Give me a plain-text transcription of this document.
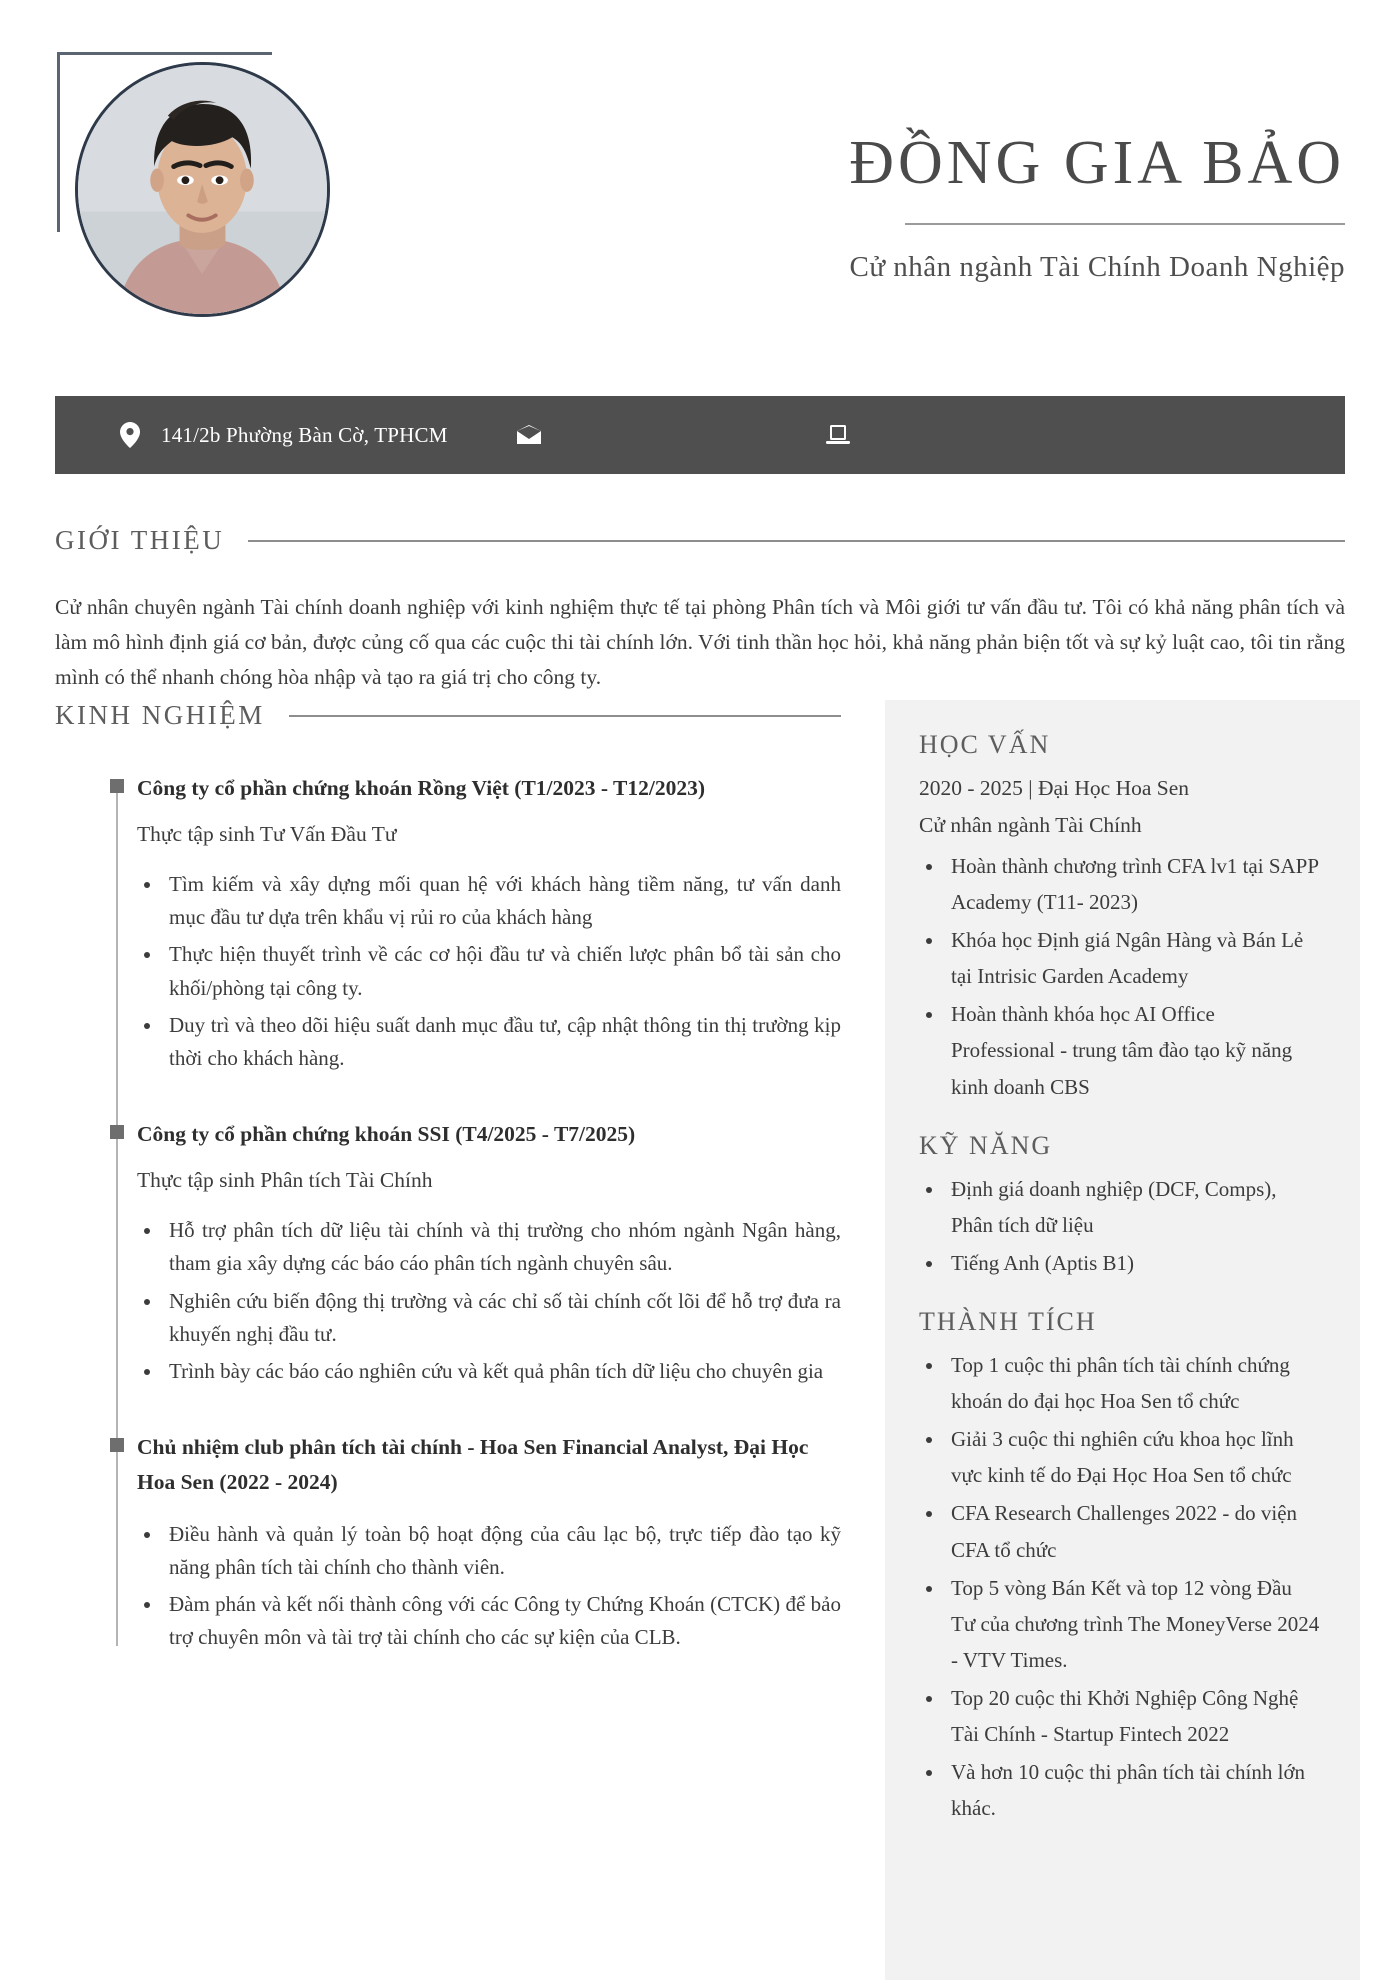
ĐỒNG GIA BẢO
Cử nhân ngành Tài Chính Doanh Nghiệp
141/2b Phường Bàn Cờ, TPHCM
GIỚI THIỆU
Cử nhân chuyên ngành Tài chính doanh nghiệp với kinh nghiệm thực tế tại phòng Phân tích và Môi giới tư vấn đầu tư. Tôi có khả năng phân tích và làm mô hình định giá cơ bản, được củng cố qua các cuộc thi tài chính lớn. Với tinh thần học hỏi, khả năng phản biện tốt và sự kỷ luật cao, tôi tin rằng mình có thể nhanh chóng hòa nhập và tạo ra giá trị cho công ty.
KINH NGHIỆM
Công ty cổ phần chứng khoán Rồng Việt (T1/2023 - T12/2023)
Thực tập sinh Tư Vấn Đầu Tư
• Tìm kiếm và xây dựng mối quan hệ với khách hàng tiềm năng, tư vấn danh mục đầu tư dựa trên khẩu vị rủi ro của khách hàng
• Thực hiện thuyết trình về các cơ hội đầu tư và chiến lược phân bổ tài sản cho khối/phòng tại công ty.
• Duy trì và theo dõi hiệu suất danh mục đầu tư, cập nhật thông tin thị trường kịp thời cho khách hàng.
Công ty cổ phần chứng khoán SSI (T4/2025 - T7/2025)
Thực tập sinh Phân tích Tài Chính
• Hỗ trợ phân tích dữ liệu tài chính và thị trường cho nhóm ngành Ngân hàng, tham gia xây dựng các báo cáo phân tích ngành chuyên sâu.
• Nghiên cứu biến động thị trường và các chỉ số tài chính cốt lõi để hỗ trợ đưa ra khuyến nghị đầu tư.
• Trình bày các báo cáo nghiên cứu và kết quả phân tích dữ liệu cho chuyên gia
Chủ nhiệm club phân tích tài chính - Hoa Sen Financial Analyst, Đại Học Hoa Sen (2022 - 2024)
• Điều hành và quản lý toàn bộ hoạt động của câu lạc bộ, trực tiếp đào tạo kỹ năng phân tích tài chính cho thành viên.
• Đàm phán và kết nối thành công với các Công ty Chứng Khoán (CTCK) để bảo trợ chuyên môn và tài trợ tài chính cho các sự kiện của CLB.
HỌC VẤN
2020 - 2025 | Đại Học Hoa Sen
Cử nhân ngành Tài Chính
• Hoàn thành chương trình CFA lv1 tại SAPP Academy (T11- 2023)
• Khóa học Định giá Ngân Hàng và Bán Lẻ tại Intrisic Garden Academy
• Hoàn thành khóa học AI Office Professional - trung tâm đào tạo kỹ năng kinh doanh CBS
KỸ NĂNG
• Định giá doanh nghiệp (DCF, Comps), Phân tích dữ liệu
• Tiếng Anh (Aptis B1)
THÀNH TÍCH
• Top 1 cuộc thi phân tích tài chính chứng khoán do đại học Hoa Sen tổ chức
• Giải 3 cuộc thi nghiên cứu khoa học lĩnh vực kinh tế do Đại Học Hoa Sen tổ chức
• CFA Research Challenges 2022 - do viện CFA tổ chức
• Top 5 vòng Bán Kết và top 12 vòng Đầu Tư của chương trình The MoneyVerse 2024 - VTV Times.
• Top 20 cuộc thi Khởi Nghiệp Công Nghệ Tài Chính - Startup Fintech 2022
• Và hơn 10 cuộc thi phân tích tài chính lớn khác.
